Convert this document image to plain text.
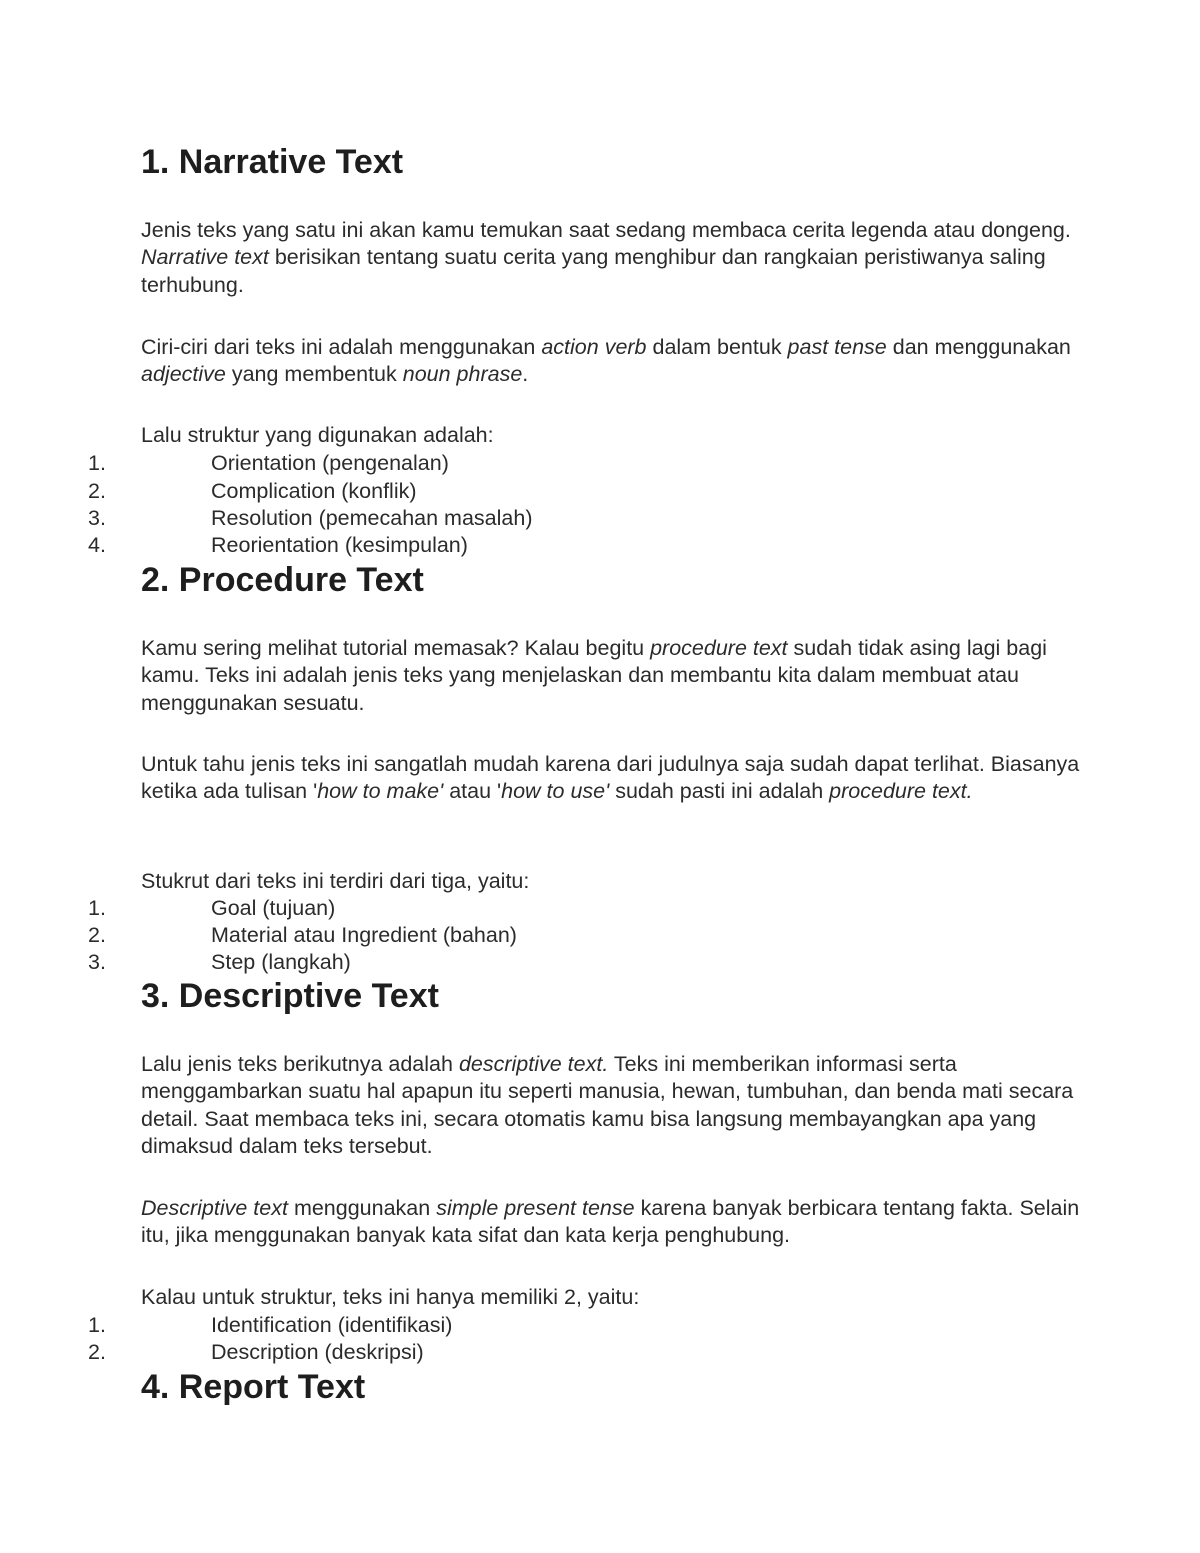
1. Narrative Text

Jenis teks yang satu ini akan kamu temukan saat sedang membaca cerita legenda atau dongeng. Narrative text berisikan tentang suatu cerita yang menghibur dan rangkaian peristiwanya saling terhubung.

Ciri-ciri dari teks ini adalah menggunakan action verb dalam bentuk past tense dan menggunakan adjective yang membentuk noun phrase.

Lalu struktur yang digunakan adalah:

1.	Orientation (pengenalan)
2.	Complication (konflik)
3.	Resolution (pemecahan masalah)
4.	Reorientation (kesimpulan)
2. Procedure Text

Kamu sering melihat tutorial memasak? Kalau begitu procedure text sudah tidak asing lagi bagi kamu. Teks ini adalah jenis teks yang menjelaskan dan membantu kita dalam membuat atau menggunakan sesuatu.

Untuk tahu jenis teks ini sangatlah mudah karena dari judulnya saja sudah dapat terlihat. Biasanya ketika ada tulisan 'how to make' atau 'how to use' sudah pasti ini adalah procedure text.

Stukrut dari teks ini terdiri dari tiga, yaitu:

1.	Goal (tujuan)
2.	Material atau Ingredient (bahan)
3.	Step (langkah)
3. Descriptive Text

Lalu jenis teks berikutnya adalah descriptive text. Teks ini memberikan informasi serta menggambarkan suatu hal apapun itu seperti manusia, hewan, tumbuhan, dan benda mati secara detail. Saat membaca teks ini, secara otomatis kamu bisa langsung membayangkan apa yang dimaksud dalam teks tersebut.

Descriptive text menggunakan simple present tense karena banyak berbicara tentang fakta. Selain itu, jika menggunakan banyak kata sifat dan kata kerja penghubung.

Kalau untuk struktur, teks ini hanya memiliki 2, yaitu:

1.	Identification (identifikasi)
2.	Description (deskripsi)
4. Report Text
